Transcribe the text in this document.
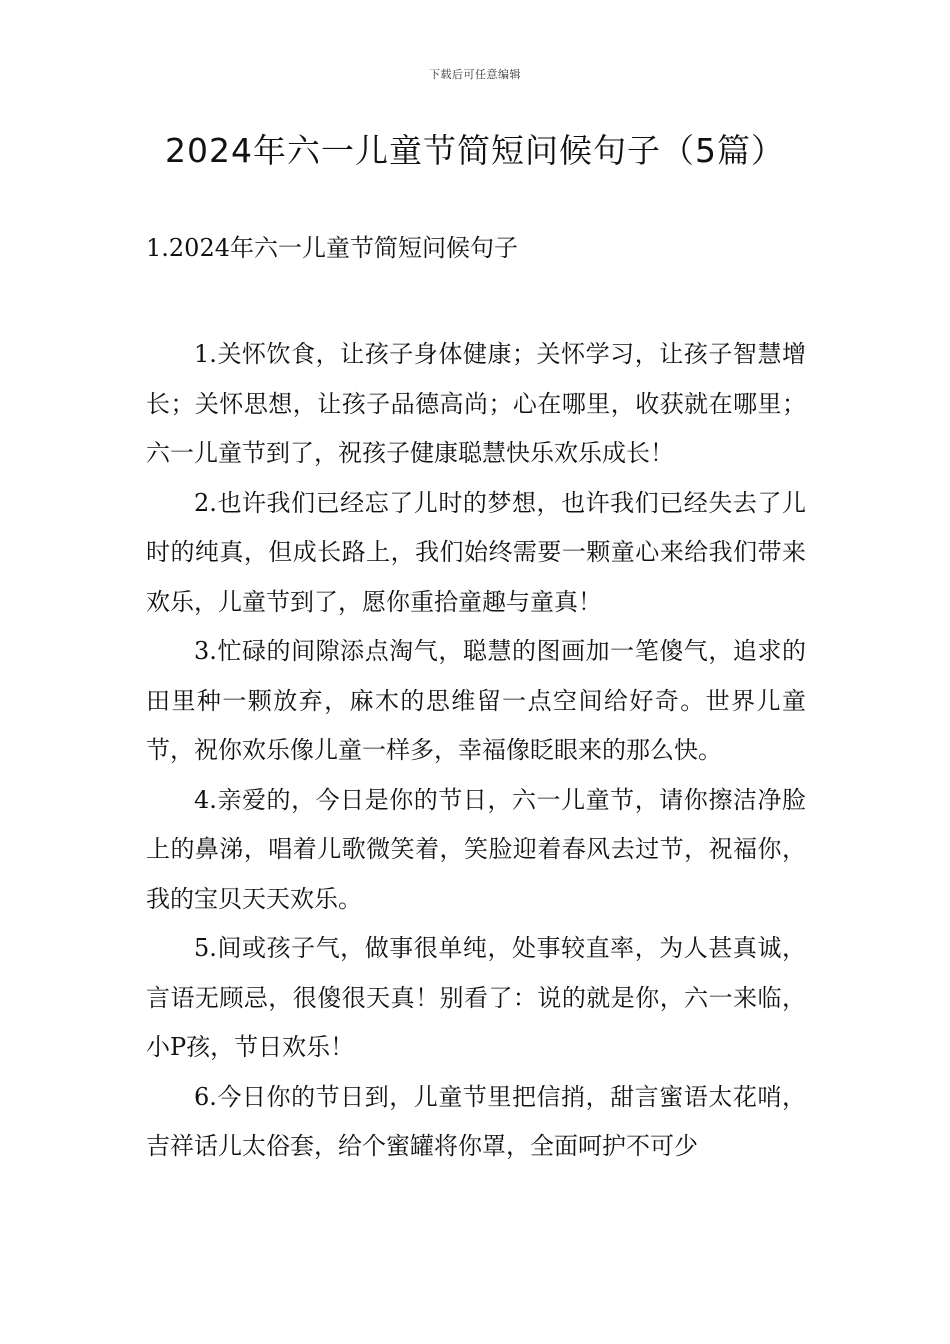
下载后可任意编辑
2024年六一儿童节简短问候句子（5篇）
1.2024年六一儿童节简短问候句子

1.关怀饮食，让孩子身体健康；关怀学习，让孩子智慧增长；关怀思想，让孩子品德高尚；心在哪里，收获就在哪里；六一儿童节到了，祝孩子健康聪慧快乐欢乐成长！

2.也许我们已经忘了儿时的梦想，也许我们已经失去了儿时的纯真，但成长路上，我们始终需要一颗童心来给我们带来欢乐，儿童节到了，愿你重拾童趣与童真！

3.忙碌的间隙添点淘气，聪慧的图画加一笔傻气，追求的田里种一颗放弃，麻木的思维留一点空间给好奇。世界儿童节，祝你欢乐像儿童一样多，幸福像眨眼来的那么快。

4.亲爱的，今日是你的节日，六一儿童节，请你擦洁净脸上的鼻涕，唱着儿歌微笑着，笑脸迎着春风去过节，祝福你，我的宝贝天天欢乐。

5.间或孩子气，做事很单纯，处事较直率，为人甚真诚，言语无顾忌，很傻很天真！别看了：说的就是你，六一来临，小P孩，节日欢乐！

6.今日你的节日到，儿童节里把信捎，甜言蜜语太花哨，吉祥话儿太俗套，给个蜜罐将你罩，全面呵护不可少
